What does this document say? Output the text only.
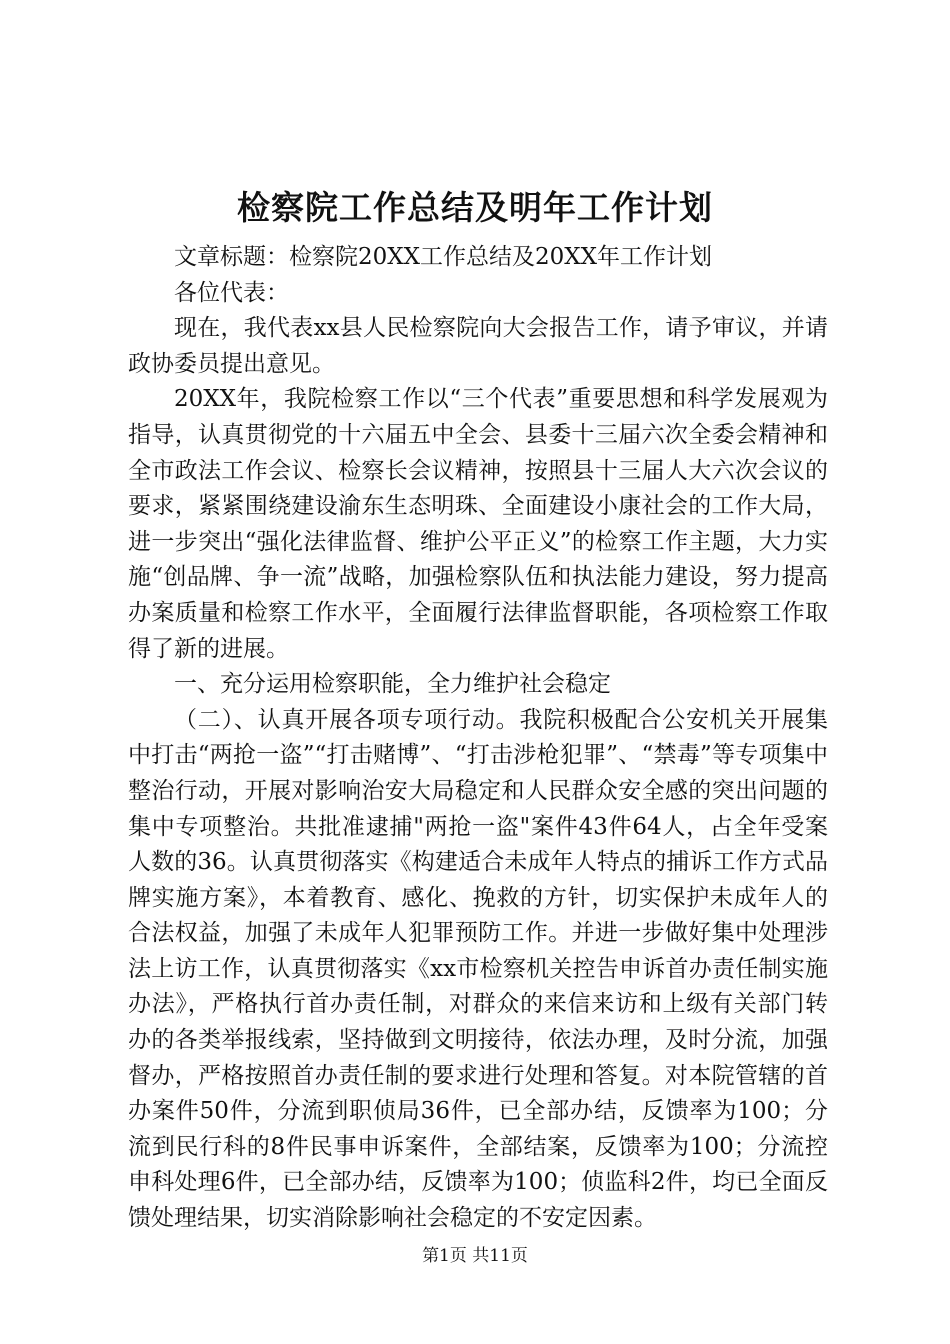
检察院工作总结及明年工作计划

文章标题：检察院20XX工作总结及20XX年工作计划

各位代表：

现在，我代表xx县人民检察院向大会报告工作，请予审议，并请政协委员提出意见。

20XX年，我院检察工作以“三个代表”重要思想和科学发展观为指导，认真贯彻党的十六届五中全会、县委十三届六次全委会精神和全市政法工作会议、检察长会议精神，按照县十三届人大六次会议的要求，紧紧围绕建设渝东生态明珠、全面建设小康社会的工作大局，进一步突出“强化法律监督、维护公平正义”的检察工作主题，大力实施“创品牌、争一流”战略，加强检察队伍和执法能力建设，努力提高办案质量和检察工作水平，全面履行法律监督职能，各项检察工作取得了新的进展。

一、充分运用检察职能，全力维护社会稳定

（二）、认真开展各项专项行动。我院积极配合公安机关开展集中打击“两抢一盗”“打击赌博”、“打击涉枪犯罪”、“禁毒”等专项集中整治行动，开展对影响治安大局稳定和人民群众安全感的突出问题的集中专项整治。共批准逮捕"两抢一盗"案件43件64人，占全年受案人数的36。认真贯彻落实《构建适合未成年人特点的捕诉工作方式品牌实施方案》，本着教育、感化、挽救的方针，切实保护未成年人的合法权益，加强了未成年人犯罪预防工作。并进一步做好集中处理涉法上访工作，认真贯彻落实《xx市检察机关控告申诉首办责任制实施办法》，严格执行首办责任制，对群众的来信来访和上级有关部门转办的各类举报线索，坚持做到文明接待，依法办理，及时分流，加强督办，严格按照首办责任制的要求进行处理和答复。对本院管辖的首办案件50件，分流到职侦局36件，已全部办结，反馈率为100；分流到民行科的8件民事申诉案件，全部结案，反馈率为100；分流控申科处理6件，已全部办结，反馈率为100；侦监科2件，均已全面反馈处理结果，切实消除影响社会稳定的不安定因素。

第1页 共11页
